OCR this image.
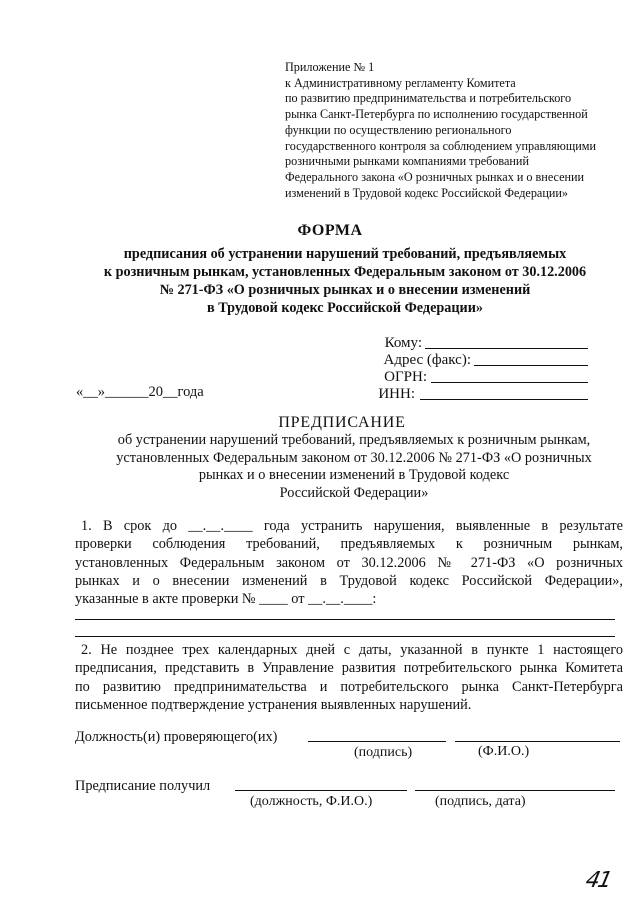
Приложение № 1
к Административному регламенту Комитета
по развитию предпринимательства и потребительского
рынка Санкт-Петербурга по исполнению государственной
функции по осуществлению регионального
государственного контроля за соблюдением управляющими
розничными рынками компаниями требований
Федерального закона «О розничных рынках и о внесении
изменений в Трудовой кодекс Российской Федерации»
ФОРМА
предписания об устранении нарушений требований, предъявляемых
к розничным рынкам, установленных Федеральным законом от 30.12.2006
№ 271-ФЗ «О розничных рынках и о внесении изменений
в Трудовой кодекс Российской Федерации»
Кому:
Адрес (факс):
ОГРН:
ИНН:
«__»______20__года
ПРЕДПИСАНИЕ
об устранении нарушений требований, предъявляемых к розничным рынкам,
установленных Федеральным законом от 30.12.2006 № 271-ФЗ «О розничных
рынках и о внесении изменений в Трудовой кодекс
Российской Федерации»
1. В срок до __.__.____ года устранить нарушения, выявленные в результате
проверки соблюдения требований, предъявляемых к розничным рынкам,
установленных Федеральным законом от 30.12.2006 № 271-ФЗ «О розничных
рынках и о внесении изменений в Трудовой кодекс Российской Федерации»,
указанные в акте проверки № ____ от __.__.____:
2. Не позднее трех календарных дней с даты, указанной в пункте 1 настоящего
предписания, представить в Управление развития потребительского рынка Комитета
по развитию предпринимательства и потребительского рынка Санкт-Петербурга
письменное подтверждение устранения выявленных нарушений.
Должность(и) проверяющего(их)
(подпись)	(Ф.И.О.)
Предписание получил
(должность, Ф.И.О.)	(подпись, дата)
41
